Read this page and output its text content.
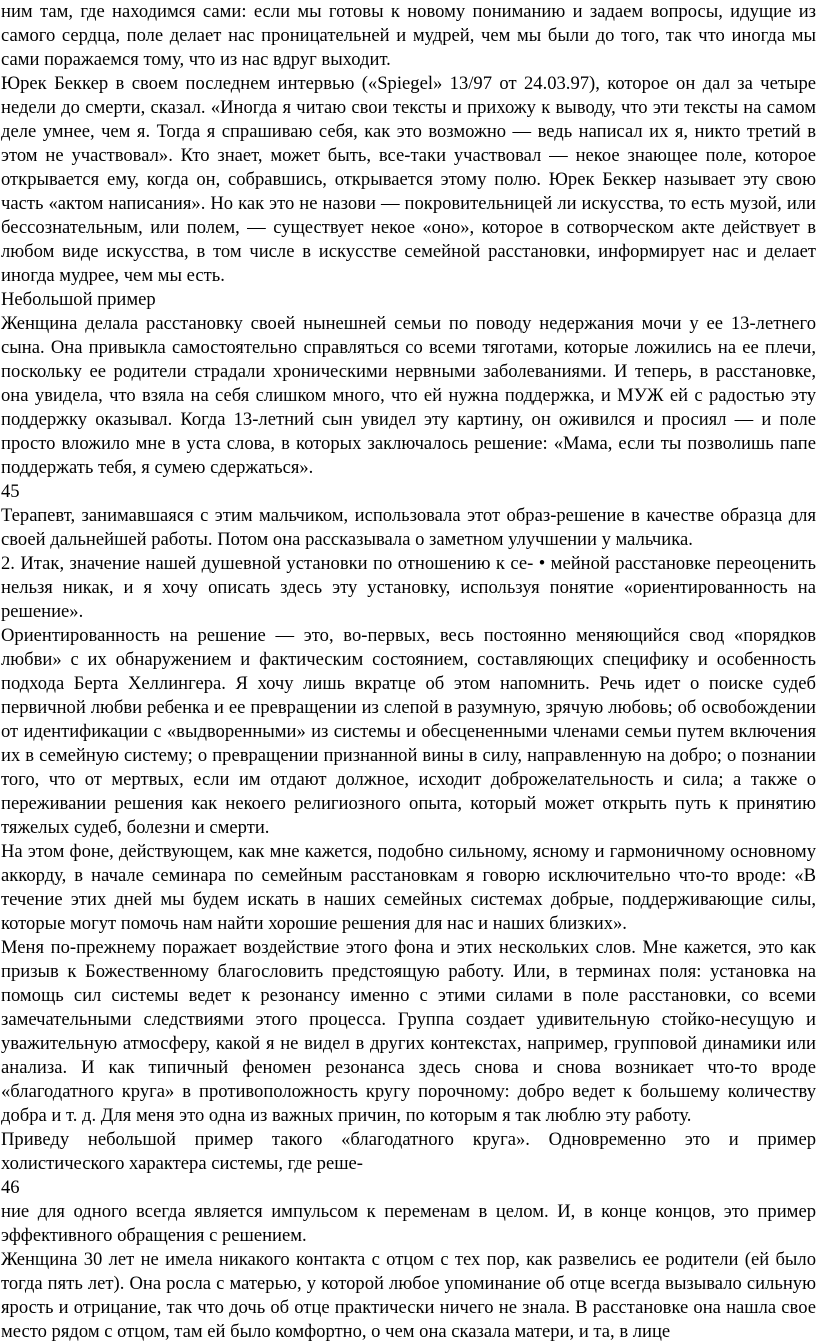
ним там, где находимся сами: если мы готовы к новому пониманию и задаем вопросы, идущие из самого сердца, поле делает нас проницательней и мудрей, чем мы были до того, так что иногда мы сами поражаемся тому, что из нас вдруг выходит.

Юрек Беккер в своем последнем интервью («Spiegel» 13/97 от 24.03.97), которое он дал за четыре недели до смерти, сказал. «Иногда я читаю свои тексты и прихожу к выводу, что эти тексты на самом деле умнее, чем я. Тогда я спрашиваю себя, как это возможно — ведь написал их я, никто третий в этом не участвовал». Кто знает, может быть, все-таки участвовал — некое знающее поле, которое открывается ему, когда он, собравшись, открывается этому полю. Юрек Беккер называет эту свою часть «актом написания». Но как это не назови — покровительницей ли искусства, то есть музой, или бессознательным, или полем, — существует некое «оно», которое в сотворческом акте действует в любом виде искусства, в том числе в искусстве семейной расстановки, информирует нас и делает иногда мудрее, чем мы есть.

Небольшой пример

Женщина делала расстановку своей нынешней семьи по поводу недержания мочи у ее 13-летнего сына. Она привыкла самостоятельно справляться со всеми тяготами, которые ложились на ее плечи, поскольку ее родители страдали хроническими нервными заболеваниями. И теперь, в расстановке, она увидела, что взяла на себя слишком много, что ей нужна поддержка, и МУЖ ей с радостью эту поддержку оказывал. Когда 13-летний сын увидел эту картину, он оживился и просиял — и поле просто вложило мне в уста слова, в которых заключалось решение: «Мама, если ты позволишь папе поддержать тебя, я сумею сдержаться».

45

Терапевт, занимавшаяся с этим мальчиком, использовала этот образ-решение в качестве образца для своей дальнейшей работы. Потом она рассказывала о заметном улучшении у мальчика.

2. Итак, значение нашей душевной установки по отношению к се- • мейной расстановке переоценить нельзя никак, и я хочу описать здесь эту установку, используя понятие «ориентированность на решение».

Ориентированность на решение — это, во-первых, весь постоянно меняющийся свод «порядков любви» с их обнаружением и фактическим состоянием, составляющих специфику и особенность подхода Берта Хеллингера. Я хочу лишь вкратце об этом напомнить. Речь идет о поиске судеб первичной любви ребенка и ее превращении из слепой в разумную, зрячую любовь; об освобождении от идентификации с «выдворенными» из системы и обесцененными членами семьи путем включения их в семейную систему; о превращении признанной вины в силу, направленную на добро; о познании того, что от мертвых, если им отдают должное, исходит доброжелательность и сила; а также о переживании решения как некоего религиозного опыта, который может открыть путь к принятию тяжелых судеб, болезни и смерти.

На этом фоне, действующем, как мне кажется, подобно сильному, ясному и гармоничному основному аккорду, в начале семинара по семейным расстановкам я говорю исключительно что-то вроде: «В течение этих дней мы будем искать в наших семейных системах добрые, поддерживающие силы, которые могут помочь нам найти хорошие решения для нас и наших близких».

Меня по-прежнему поражает воздействие этого фона и этих нескольких слов. Мне кажется, это как призыв к Божественному благословить предстоящую работу. Или, в терминах поля: установка на помощь сил системы ведет к резонансу именно с этими силами в поле расстановки, со всеми замечательными следствиями этого процесса. Группа создает удивительную стойко-несущую и уважительную атмосферу, какой я не видел в других контекстах, например, групповой динамики или анализа. И как типичный феномен резонанса здесь снова и снова возникает что-то вроде «благодатного круга» в противоположность кругу порочному: добро ведет к большему количеству добра и т. д. Для меня это одна из важных причин, по которым я так люблю эту работу.

Приведу небольшой пример такого «благодатного круга». Одновременно это и пример холистического характера системы, где реше-

46

ние для одного всегда является импульсом к переменам в целом. И, в конце концов, это пример эффективного обращения с решением.

Женщина 30 лет не имела никакого контакта с отцом с тех пор, как развелись ее родители (ей было тогда пять лет). Она росла с матерью, у которой любое упоминание об отце всегда вызывало сильную ярость и отрицание, так что дочь об отце практически ничего не знала. В расстановке она нашла свое место рядом с отцом, там ей было комфортно, о чем она сказала матери, и та, в лице
